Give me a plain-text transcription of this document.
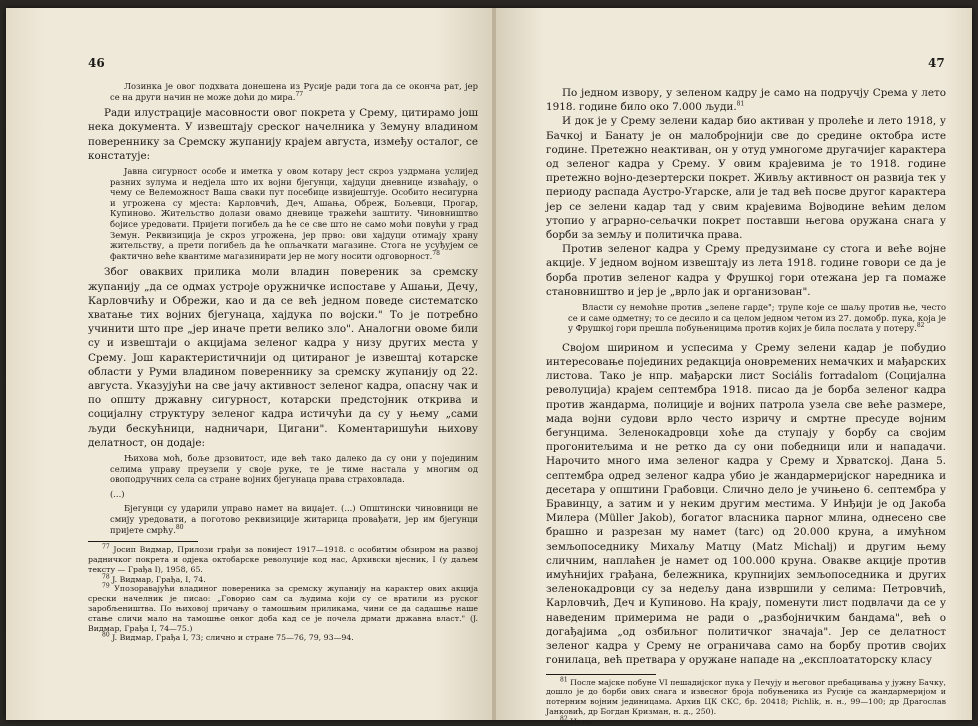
46

Лозинка је овог подхвата донешена из Русије ради тога да се оконча рат, јер се на други начин не може доћи до мира.$^{77}$

Ради илустрације масовности овог покрета у Срему, цитирамо још нека документа. У извештају среског начелника у Земуну владином повереннику за Сремску жупанију крајем августа, између осталог, се констатује:

Јавна сигурност особе и иметка у овом котару јест скроз уздрмана услијед разних зулума и недјела што их војни бјегунци, хајдуци дневнице изваћају, о чему се Велеможност Ваша сваки пут посебице извијештује. Особито несигурна и угрожена су мјеста: Карловчић, Деч, Ашања, Обреж, Бољевци, Прогар, Купиново. Жительство долази овамо дневице тражећи заштиту. Чиновништво бојисе уредовати. Пријети погибељ да ће се све што не само моћи повући у град Земун. Реквизиција је скроз угрожена, јер прво: ови хајдуци отимају храну жительству, а прети погибељ да ће опљачкати магазине. Стога не усуђујем се фактично веће квантиме магазинирати јер не могу носити одговорност.$^{78}$

Због оваквих прилика моли владин повереник за сремску жупанију „да се одмах устроје оружничке испоставе у Ашањи, Дечу, Карловчићу и Обрежи, као и да се већ једном поведе систематско хватање тих војних бјегунаца, хајдука по војски." То је потребно учинити што пре „јер иначе прети велико зло". Аналогни овоме били су и извештаји о акцијама зеленог кадра у низу других места у Срему. Још карактеристичнији од цитираног је извештај котарске области у Руми владином повереннику за сремску жупанију од 22. августа. Указујући на све јачу активност зеленог кадра, опасну чак и по општу државну сигурност, котарски предстојник открива и социјалну структуру зеленог кадра истичући да су у њему „сами људи бескућници, надничари, Цигани". Коментаришући њихову делатност, он додаје:

Њихова моћ, боље дрзовитост, иде већ тако далеко да су они у појединим селима управу преузели у своје руке, те је тиме настала у многим од овоподручних села са стране војних бјегунаца права страховлада.

(...)

Бјегунци су ударили управо намет на виџајет. (...) Општински чиновници не смију уредовати, а поготово реквизиције житарица провађати, јер им бјегунци пријете смрћу.$^{80}$

$^{77}$ Јосип Видмар, Прилози грађи за повијест 1917—1918. с особитим обзиром на развој радничког покрета и одјека октобарске револуције код нас, Архивски вјесник, I (у даљем тексту — Грађа I), 1958, 65.

$^{78}$ J. Видмар, Грађа, I, 74.

$^{79}$ Упозоравајући владиног повереника за сремску жупанију на карактер ових акција срески начелник је писао: „Говорио сам са људима који су се вратили из руског заробљеништва. По њиховој причању о тамошњим приликама, чини се да садашње наше стање сличи мало на тамошње онког доба кад се је почела дрмати државна власт." (J. Видмар, Грађа I, 74—75.)

$^{80}$ J. Видмар, Грађа I, 73; слично и стране 75—76, 79, 93—94.

47

По једном извору, у зеленом кадру је само на подручју Срема у лето 1918. године било око 7.000 људи.$^{81}$

И док је у Срему зелени кадар био активан у пролеће и лето 1918, у Бачкој и Банату је он малобројнији све до средине октобра исте године. Претежно неактиван, он у отуд умногоме другачијег карактера од зеленог кадра у Срему. У овим крајевима је то 1918. године претежно војно-дезертерски покрет. Живљу активност он развија тек у периоду распада Аустро-Угарске, али је тад већ посве другог карактера јер се зелени кадар тад у свим крајевима Војводине већим делом утопио у аграрно-сељачки покрет поставши његова оружана снага у борби за земљу и политичка права.

Против зеленог кадра у Срему предузимане су стога и веће војне акције. У једном војном извештају из лета 1918. године говори се да је борба против зеленог кадра у Фрушкој гори отежана јер га помаже становништво и јер је „врло јак и организован".

Власти су немоћне против „зелене гарде"; трупе које се шаљу против ње, често се и саме одметну; то се десило и са целом једном четом из 27. домобр. пука, која је у Фрушкој гори прешла побуњеницима против којих је била послата у потеру.$^{82}$

Својом ширином и успесима у Срему зелени кадар је побудио интересовање појединих редакција оновремених немачких и мађарских листова. Тако је нпр. мађарски лист Sociális forradalom (Социјална револуција) крајем септембра 1918. писао да је борба зеленог кадра против жандарма, полиције и војних патрола узела све веће размере, мада војни судови врло често изричу и смртне пресуде војним бегунцима. Зеленокадровци хоће да ступају у борбу са својим прогонитељима и не ретко да су они победници или и нападачи. Нарочито много има зеленог кадра у Срему и Хрватској. Дана 5. септембра одред зеленог кадра убио је жандармеријског наредника и десетара у општини Грабовци. Слично дело је учињено 6. септембра у Бравинцу, а затим и у неким другим местима. У Инђији је од Јакоба Милера (Müller Jakob), богатог власника парног млина, однесено све брашно и разрезан му намет (tarc) од 20.000 круна, а имућном земљопоседнику Михаљу Матцу (Matz Michalj) и другим њему сличним, наплаћен је намет од 100.000 круна. Овакве акције против имућнијих грађана, бележника, крупнијих земљопоседника и других зеленокадровци су за недељу дана извршили у селима: Петровчић, Карловчић, Деч и Купиново. На крају, поменути лист подвлачи да се у наведеним примерима не ради о „разбојничким бандама", већ о догађајима „од озбиљног политичког значаја". Јер се делатност зеленог кадра у Срему не ограничава само на борбу против својих гонилаца, већ претвара у оружане нападе на „експлоататорску класу

$^{81}$ После мајске побуне VI пешадијског пука у Печују и његовог пребацивања у јужну Бачку, дошло је до борби ових снага и извесног броја побуњеника из Русије са жандармеријом и потерним војним јединицама. Архив ЦК СКС, бр. 20418; Pichlik, н. н., 99—100; др Драгослав Јанковић, др Богдан Кризман, н. д., 250).

$^{82}$ Исто.
